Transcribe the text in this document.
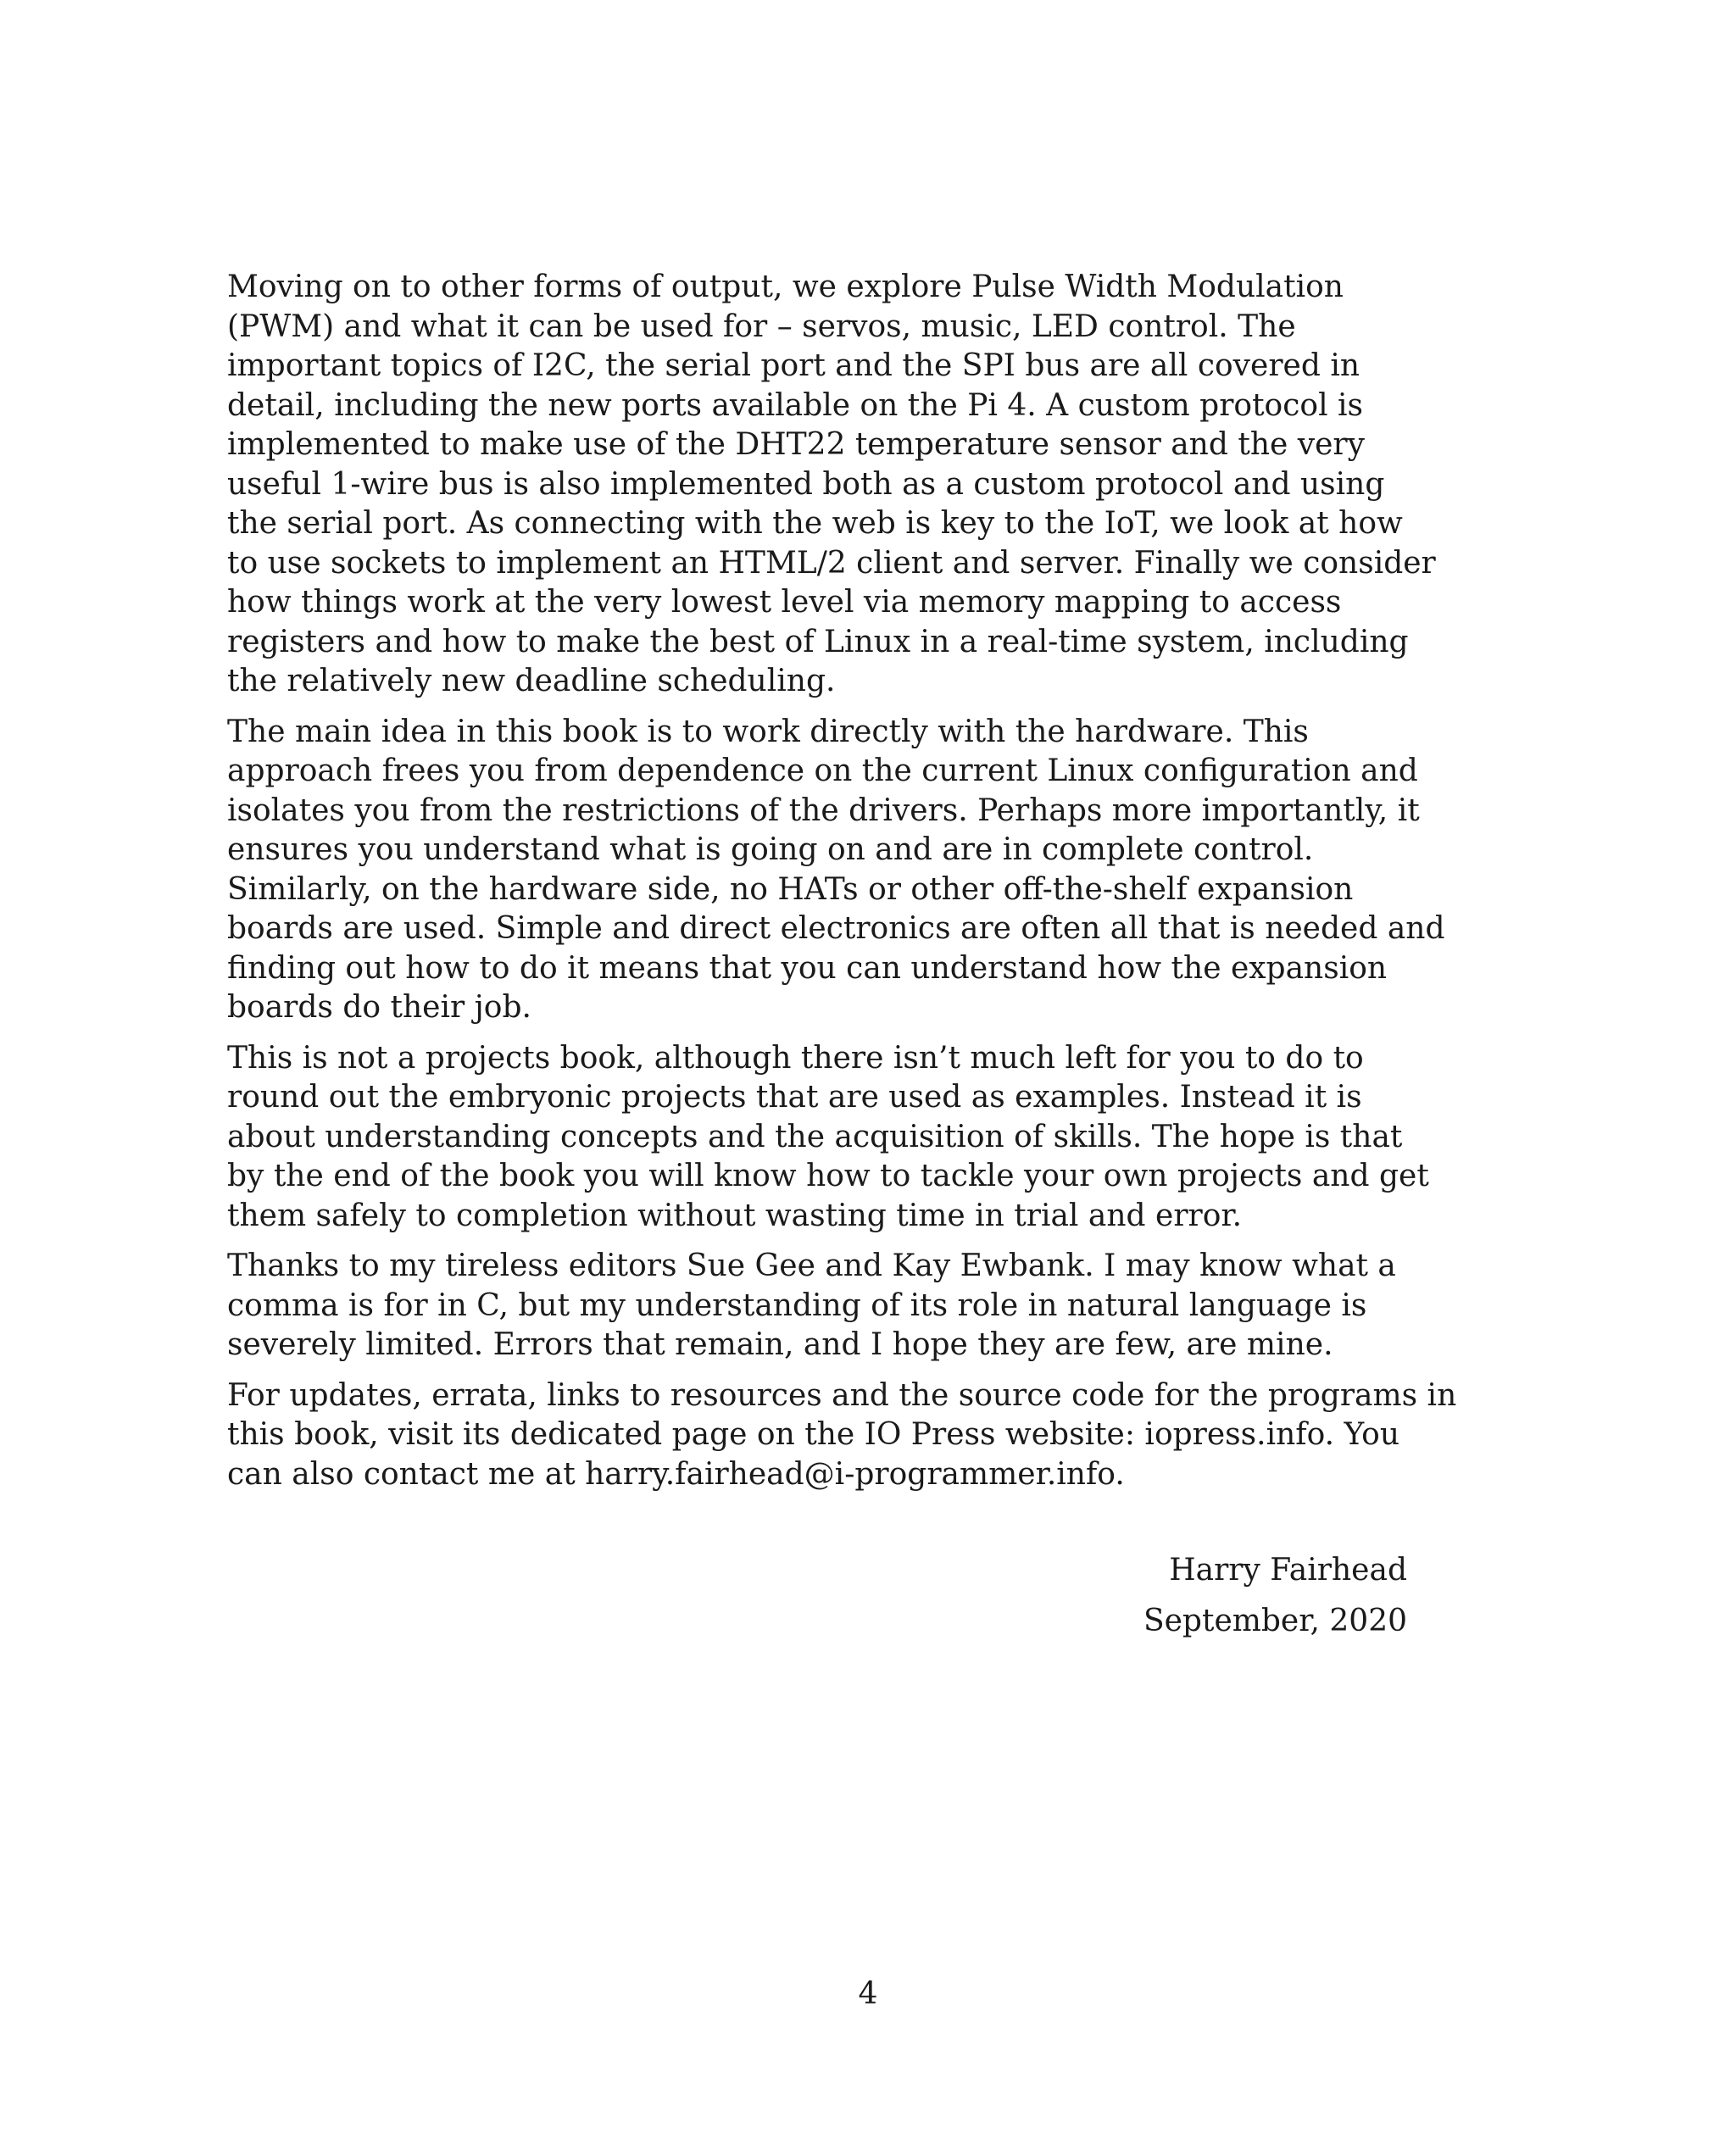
Moving on to other forms of output, we explore Pulse Width Modulation
(PWM) and what it can be used for – servos, music, LED control. The
important topics of I2C, the serial port and the SPI bus are all covered in
detail, including the new ports available on the Pi 4. A custom protocol is
implemented to make use of the DHT22 temperature sensor and the very
useful 1-wire bus is also implemented both as a custom protocol and using
the serial port. As connecting with the web is key to the IoT, we look at how
to use sockets to implement an HTML/2 client and server. Finally we consider
how things work at the very lowest level via memory mapping to access
registers and how to make the best of Linux in a real-time system, including
the relatively new deadline scheduling.

The main idea in this book is to work directly with the hardware. This
approach frees you from dependence on the current Linux configuration and
isolates you from the restrictions of the drivers. Perhaps more importantly, it
ensures you understand what is going on and are in complete control.
Similarly, on the hardware side, no HATs or other off-the-shelf expansion
boards are used. Simple and direct electronics are often all that is needed and
finding out how to do it means that you can understand how the expansion
boards do their job.

This is not a projects book, although there isn’t much left for you to do to
round out the embryonic projects that are used as examples. Instead it is
about understanding concepts and the acquisition of skills. The hope is that
by the end of the book you will know how to tackle your own projects and get
them safely to completion without wasting time in trial and error.

Thanks to my tireless editors Sue Gee and Kay Ewbank. I may know what a
comma is for in C, but my understanding of its role in natural language is
severely limited. Errors that remain, and I hope they are few, are mine.

For updates, errata, links to resources and the source code for the programs in
this book, visit its dedicated page on the IO Press website: iopress.info. You
can also contact me at harry.fairhead@i-programmer.info.

Harry Fairhead
September, 2020
4
